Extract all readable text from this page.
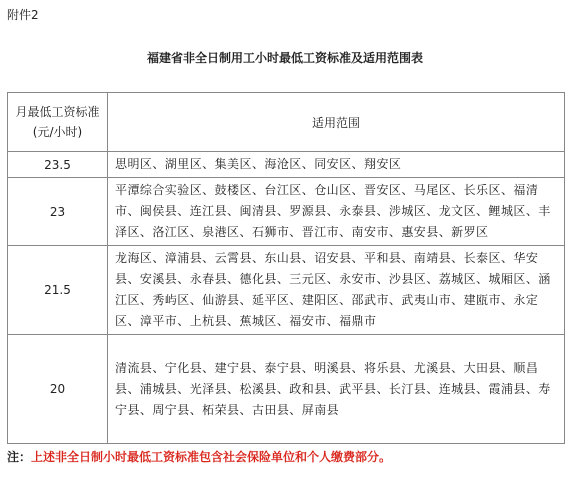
附件2
福建省非全日制用工小时最低工资标准及适用范围表
月最低工资标准
(元/小时)	适用范围
23.5	思明区、湖里区、集美区、海沧区、同安区、翔安区
23	平潭综合实验区、鼓楼区、台江区、仓山区、晋安区、马尾区、长乐区、福清市、闽侯县、连江县、闽清县、罗源县、永泰县、涉城区、龙文区、鲤城区、丰泽区、洛江区、泉港区、石狮市、晋江市、南安市、惠安县、新罗区
21.5	龙海区、漳浦县、云霄县、东山县、诏安县、平和县、南靖县、长泰区、华安县、安溪县、永春县、德化县、三元区、永安市、沙县区、荔城区、城厢区、涵江区、秀屿区、仙游县、延平区、建阳区、邵武市、武夷山市、建瓯市、永定区、漳平市、上杭县、蕉城区、福安市、福鼎市
20	清流县、宁化县、建宁县、泰宁县、明溪县、将乐县、尤溪县、大田县、顺昌县、浦城县、光泽县、松溪县、政和县、武平县、长汀县、连城县、霞浦县、寿宁县、周宁县、柘荣县、古田县、屏南县
注：上述非全日制小时最低工资标准包含社会保险单位和个人缴费部分。
